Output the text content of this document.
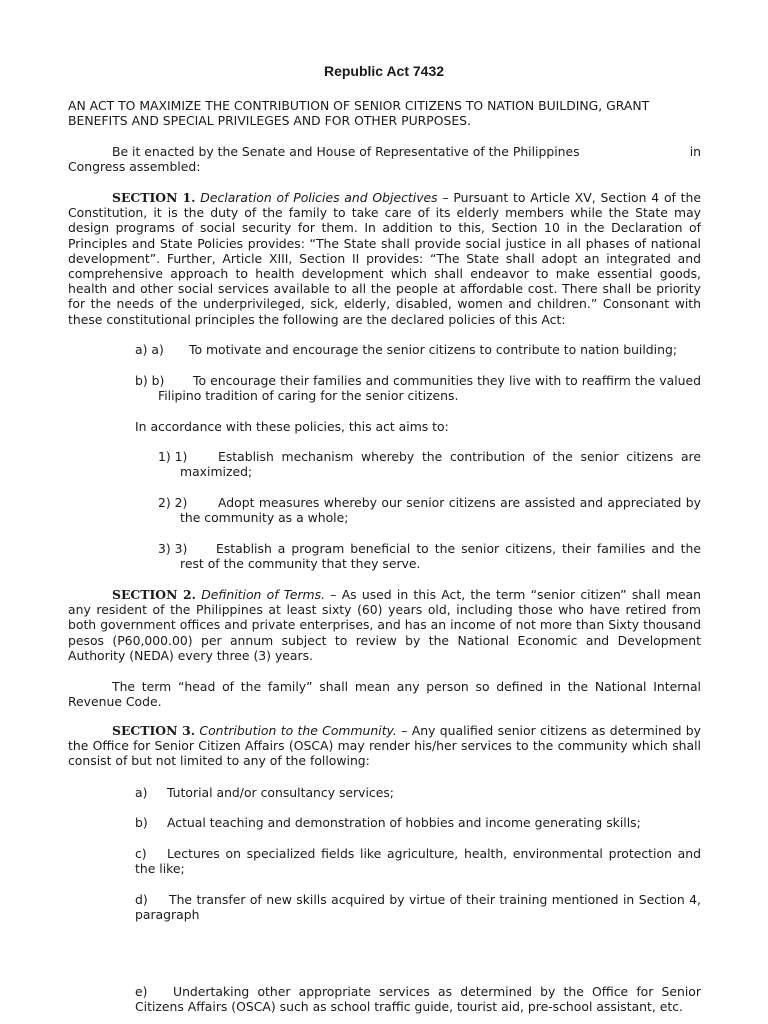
Republic Act 7432

AN ACT TO MAXIMIZE THE CONTRIBUTION OF SENIOR CITIZENS TO NATION BUILDING, GRANT BENEFITS AND SPECIAL PRIVILEGES AND FOR OTHER PURPOSES.

Be it enacted by the Senate and House of Representative of the Philippines	in

Congress assembled:

SECTION 1. Declaration of Policies and Objectives – Pursuant to Article XV, Section 4 of the Constitution, it is the duty of the family to take care of its elderly members while the State may design programs of social security for them. In addition to this, Section 10 in the Declaration of Principles and State Policies provides: “The State shall provide social justice in all phases of national development”. Further, Article XIII, Section II provides: “The State shall adopt an integrated and comprehensive approach to health development which shall endeavor to make essential goods, health and other social services available to all the people at affordable cost. There shall be priority for the needs of the underprivileged, sick, elderly, disabled, women and children.” Consonant with these constitutional principles the following are the declared policies of this Act:

a) a) To motivate and encourage the senior citizens to contribute to nation building;

b) b)	To encourage their families and communities they live with to reaffirm the valued Filipino tradition of caring for the senior citizens.

In accordance with these policies, this act aims to:

1) 1)	Establish mechanism whereby the contribution of the senior citizens are maximized;

2) 2)	Adopt measures whereby our senior citizens are assisted and appreciated by the community as a whole;

3) 3)	Establish a program beneficial to the senior citizens, their families and the rest of the community that they serve.

SECTION 2. Definition of Terms. – As used in this Act, the term “senior citizen” shall mean any resident of the Philippines at least sixty (60) years old, including those who have retired from both government offices and private enterprises, and has an income of not more than Sixty thousand pesos (P60,000.00) per annum subject to review by the National Economic and Development Authority (NEDA) every three (3) years.

The term “head of the family” shall mean any person so defined in the National Internal Revenue Code.

SECTION 3. Contribution to the Community. – Any qualified senior citizens as determined by the Office for Senior Citizen Affairs (OSCA) may render his/her services to the community which shall consist of but not limited to any of the following:

a) Tutorial and/or consultancy services;

b) Actual teaching and demonstration of hobbies and income generating skills;

c)	Lectures on specialized fields like agriculture, health, environmental protection and the like;

d)	The transfer of new skills acquired by virtue of their training mentioned in Section 4, paragraph

e)	Undertaking other appropriate services as determined by the Office for Senior Citizens Affairs (OSCA) such as school traffic guide, tourist aid, pre-school assistant, etc.
